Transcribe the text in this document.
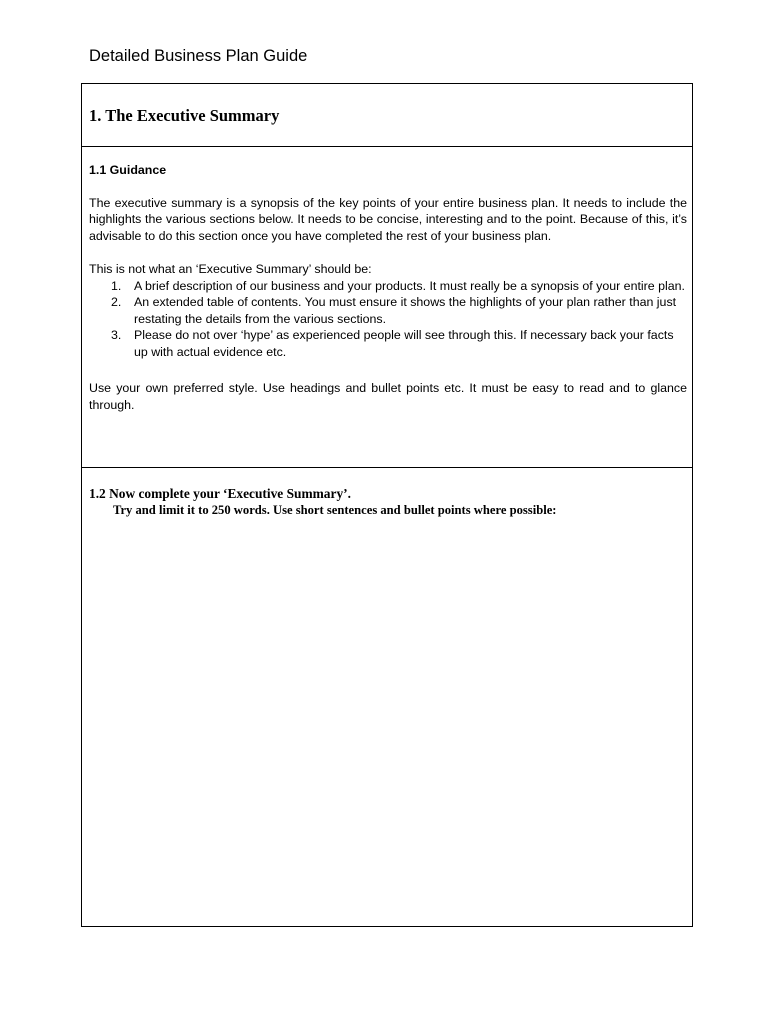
Detailed Business Plan Guide
1. The Executive Summary
1.1 Guidance

The executive summary is a synopsis of the key points of your entire business plan. It needs to include the highlights the various sections below. It needs to be concise, interesting and to the point. Because of this, it’s advisable to do this section once you have completed the rest of your business plan.

This is not what an ‘Executive Summary’ should be:

1. A brief description of our business and your products. It must really be a synopsis of your entire plan.
2. An extended table of contents. You must ensure it shows the highlights of your plan rather than just restating the details from the various sections.
3. Please do not over ‘hype’ as experienced people will see through this. If necessary back your facts up with actual evidence etc.

Use your own preferred style. Use headings and bullet points etc. It must be easy to read and to glance through.

1.2 Now complete your ‘Executive Summary’.
Try and limit it to 250 words. Use short sentences and bullet points where possible:
